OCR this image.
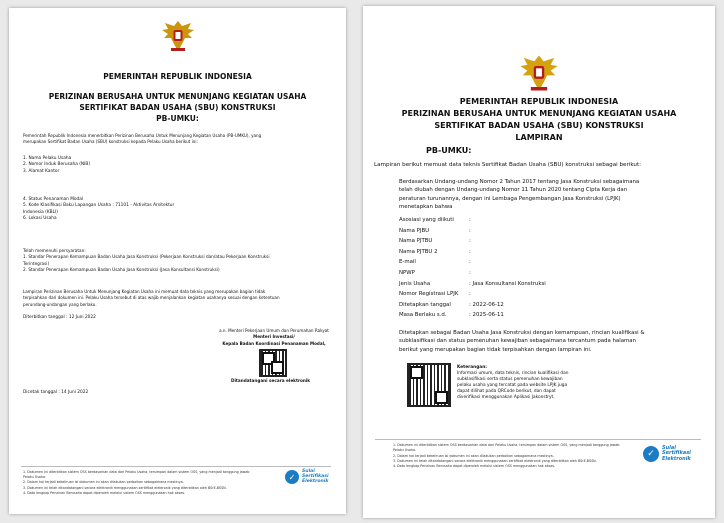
PEMERINTAH REPUBLIK INDONESIA
PERIZINAN BERUSAHA UNTUK MENUNJANG KEGIATAN USAHA
SERTIFIKAT BADAN USAHA (SBU) KONSTRUKSI
PB-UMKU:
Pemerintah Republik Indonesia menerbitkan Perizinan Berusaha Untuk Menunjang Kegiatan Usaha (PB-UMKU), yang
merupakan Sertifikat Badan Usaha (SBU) konstruksi kepada Pelaku Usaha berikut ini:
1. Nama Pelaku Usaha
2. Nomor Induk Berusaha (NIB)
3. Alamat Kantor
4. Status Penanaman Modal
5. Kode Klasifikasi Baku Lapangan Usaha : 71101 - Aktivitas Arsitektur
Indonesia (KBLI)
6. Lokasi Usaha
Telah memenuhi persyaratan:
1. Standar Penerapan Kemampuan Badan Usaha Jasa Konstruksi (Pekerjaan Konstruksi dan/atau Pekerjaan Konstruksi
Terintegrasi)
2. Standar Penerapan Kemampuan Badan Usaha Jasa Konstruksi (Jasa Konsultansi Konstruksi)
Lampiran Perizinan Berusaha Untuk Menunjang Kegiatan Usaha ini memuat data teknis yang merupakan bagian tidak
terpisahkan dari dokumen ini. Pelaku Usaha tersebut di atas wajib menjalankan kegiatan usahanya sesuai dengan ketentuan
perundang-undangan yang berlaku.
Diterbitkan tanggal : 12 Juni 2022
a.n. Menteri Pekerjaan Umum dan Perumahan Rakyat
Menteri Investasi/
Kepala Badan Koordinasi Penanaman Modal,
Ditandatangani secara elektronik
Dicetak tanggal : 14 Juni 2022
1. Dokumen ini diterbitkan sistem OSS berdasarkan data dari Pelaku Usaha, tersimpan dalam sistem OSS, yang menjadi tanggung jawab
Pelaku Usaha.
2. Dalam hal terjadi kekeliruan isi dokumen ini akan dilakukan perbaikan sebagaimana mestinya.
3. Dokumen ini telah ditandatangani secara elektronik menggunakan sertifikat elektronik yang diterbitkan oleh BSrE-BSSN.
4. Data lengkap Perizinan Berusaha dapat diperoleh melalui sistem OSS menggunakan hak akses.
✓
Sulai
Sertifikasi
Elektronik
PEMERINTAH REPUBLIK INDONESIA
PERIZINAN BERUSAHA UNTUK MENUNJANG KEGIATAN USAHA
SERTIFIKAT BADAN USAHA (SBU) KONSTRUKSI
LAMPIRAN
PB-UMKU:
Lampiran berikut memuat data teknis Sertifikat Badan Usaha (SBU) konstruksi sebagai berikut:
Berdasarkan Undang-undang Nomor 2 Tahun 2017 tentang Jasa Konstruksi sebagaimana
telah diubah dengan Undang-undang Nomor 11 Tahun 2020 tentang Cipta Kerja dan
peraturan turunannya, dengan ini Lembaga Pengembangan Jasa Konstruksi (LPJK)
menetapkan bahwa
Asosiasi yang diikuti	:
Nama PJBU	:
Nama PJTBU	:
Nama PJTBU 2	:
E-mail	:
NPWP	:
Jenis Usaha	: Jasa Konsultansi Konstruksi
Nomor Registrasi LPJK	:
Ditetapkan tanggal	: 2022-06-12
Masa Berlaku s.d.	: 2025-06-11
Ditetapkan sebagai Badan Usaha Jasa Konstruksi dengan kemampuan, rincian kualifikasi &
subklasifikasi dan status pemenuhan kewajiban sebagaimana tercantum pada halaman
berikut yang merupakan bagian tidak terpisahkan dengan lampiran ini.
Keterangan:
Informasi umum, data teknis, rincian kualifikasi dan
subklasifikasi serta status pemenuhan kewajiban
pelaku usaha yang tercatat pada website LPJK juga
dapat dilihat pada QRCode berikut, dan dapat
diverifikasi menggunakan Aplikasi Jakonstryt.
1. Dokumen ini diterbitkan sistem OSS berdasarkan data dari Pelaku Usaha, tersimpan dalam sistem OSS, yang menjadi tanggung jawab
Pelaku Usaha.
2. Dalam hal terjadi kekeliruan isi dokumen ini akan dilakukan perbaikan sebagaimana mestinya.
3. Dokumen ini telah ditandatangani secara elektronik menggunakan sertifikat elektronik yang diterbitkan oleh BSrE-BSSN.
4. Data lengkap Perizinan Berusaha dapat diperoleh melalui sistem OSS menggunakan hak akses.
✓
Sulai
Sertifikasi
Elektronik
